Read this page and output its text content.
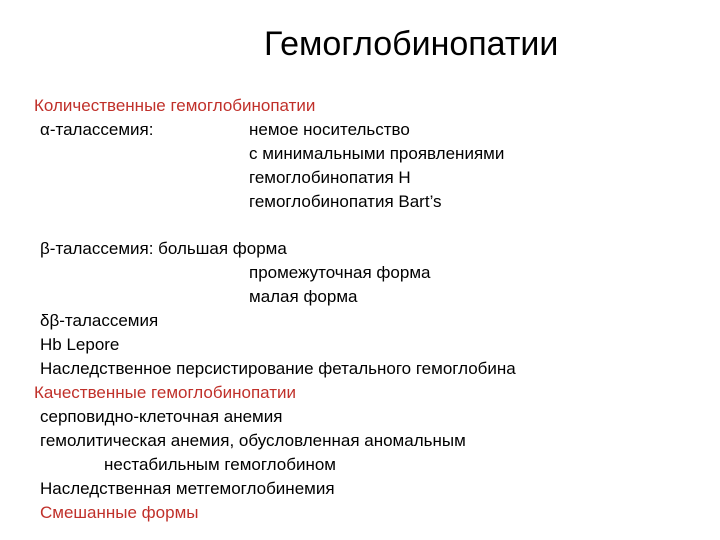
Гемоглобинопатии
Количественные гемоглобинопатии
α-талассемия:	немое носительство
с минимальными проявлениями
гемоглобинопатия H
гемоглобинопатия Bart’s
β-талассемия: большая форма
промежуточная форма
малая форма
δβ-талассемия
Hb Lepore
Наследственное персистирование фетального гемоглобина
Качественные гемоглобинопатии
серповидно-клеточная анемия
гемолитическая анемия, обусловленная аномальным
нестабильным гемоглобином
Наследственная метгемоглобинемия
Смешанные формы
